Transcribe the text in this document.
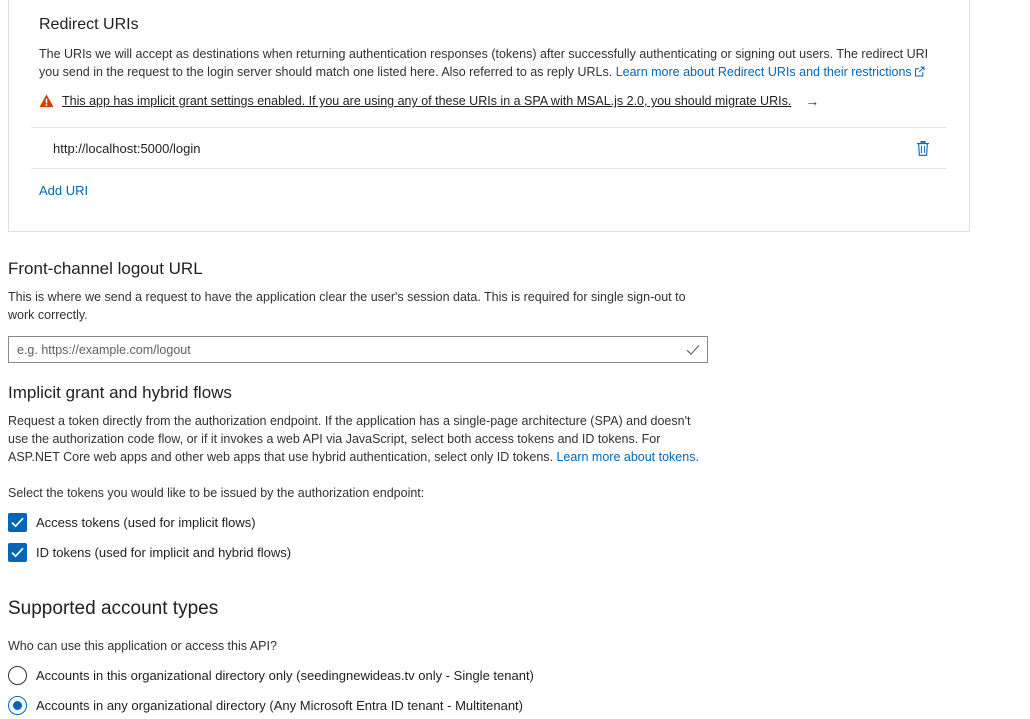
Redirect URIs

The URIs we will accept as destinations when returning authentication responses (tokens) after successfully authenticating or signing out users. The redirect URI you send in the request to the login server should match one listed here. Also referred to as reply URLs. Learn more about Redirect URIs and their restrictions

This app has implicit grant settings enabled. If you are using any of these URIs in a SPA with MSAL.js 2.0, you should migrate URIs. →
http://localhost:5000/login
Add URI
Front-channel logout URL

This is where we send a request to have the application clear the user's session data. This is required for single sign-out to work correctly.

e.g. https://example.com/logout
Implicit grant and hybrid flows

Request a token directly from the authorization endpoint. If the application has a single-page architecture (SPA) and doesn't use the authorization code flow, or if it invokes a web API via JavaScript, select both access tokens and ID tokens. For ASP.NET Core web apps and other web apps that use hybrid authentication, select only ID tokens. Learn more about tokens.

Select the tokens you would like to be issued by the authorization endpoint:

Access tokens (used for implicit flows)
ID tokens (used for implicit and hybrid flows)
Supported account types

Who can use this application or access this API?

Accounts in this organizational directory only (seedingnewideas.tv only - Single tenant)
Accounts in any organizational directory (Any Microsoft Entra ID tenant - Multitenant)
